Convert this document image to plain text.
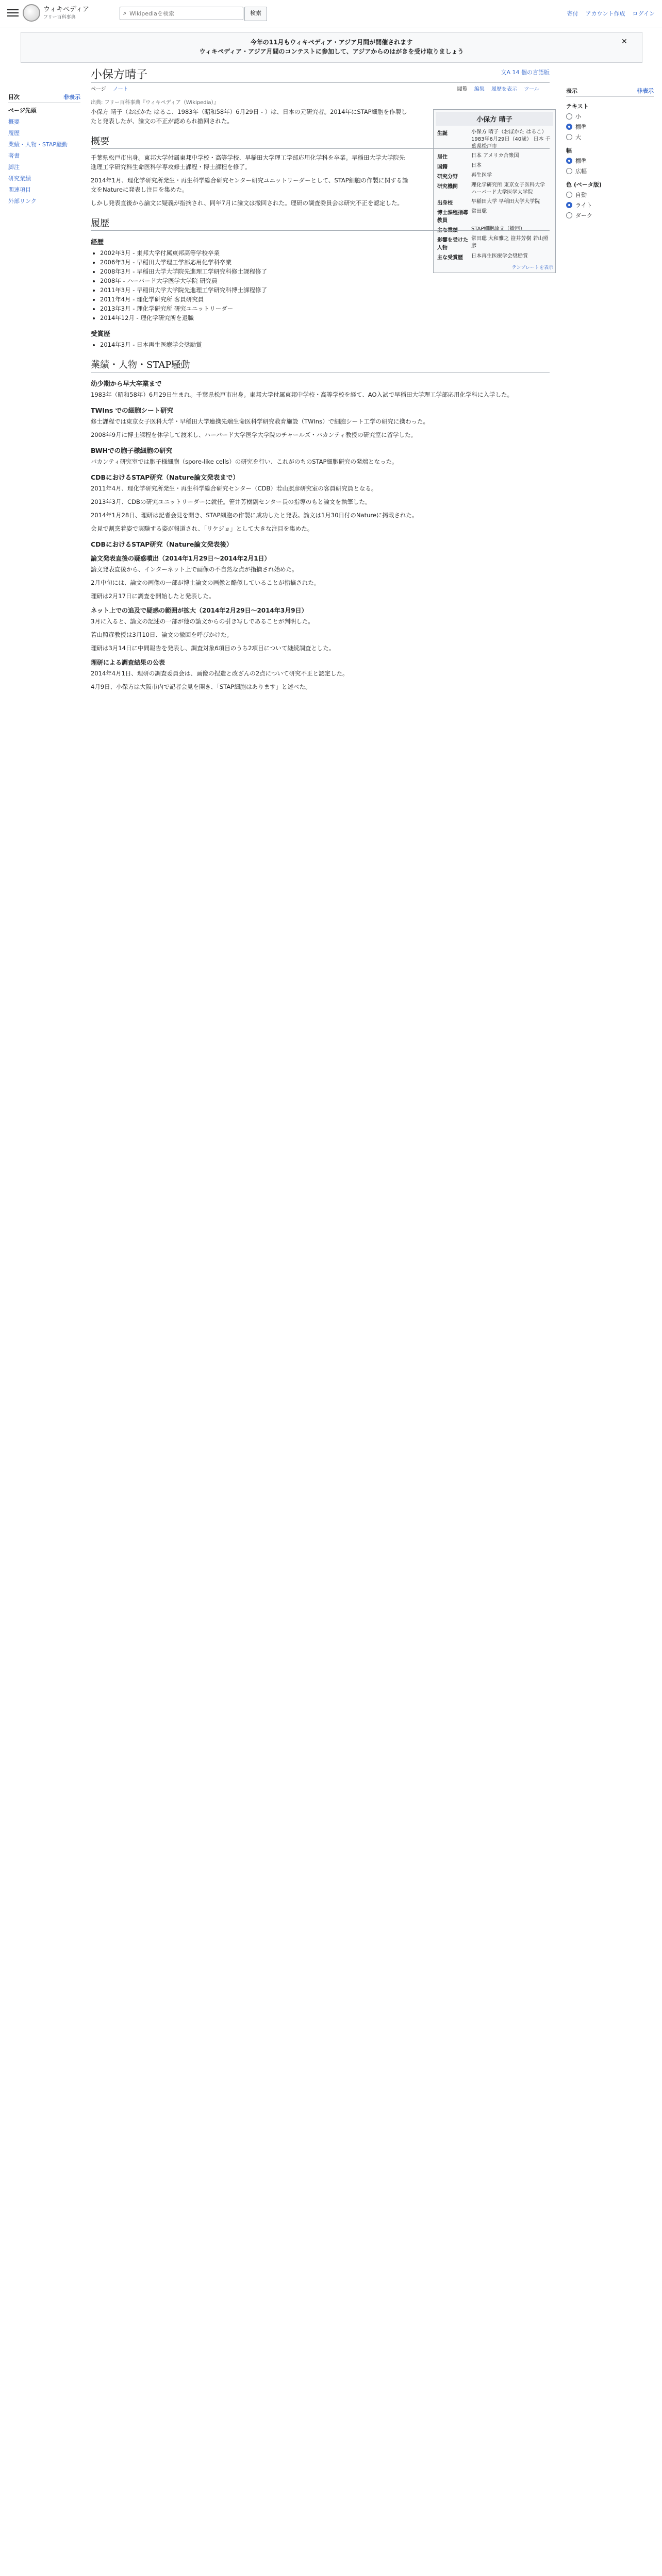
ウィキペディア
フリー百科事典
⌕
Wikipediaを検索	検索	寄付 アカウント作成 ログイン
今年の11月もウィキペディア・アジア月間が開催されます
ウィキペディア・アジア月間のコンテストに参加して、アジアからのはがきを受け取りましょう
✕
目次	非表示
ページ先頭
概要
履歴
業績・人物・STAP騒動
著書
脚注
研究業績
関連項目
外部リンク
小保方晴子	文A 14 個の言語版
ページ ノート	閲覧 編集 履歴を表示 ツール
出典: フリー百科事典『ウィキペディア（Wikipedia）』
表示	非表示
テキスト
小
標準
大
幅
標準
広幅
色 (ベータ版)
自動
ライト
ダーク
小保方 晴子
生誕	小保方 晴子（おぼかた はるこ） 1983年6月29日（40歳） 日本 千葉県松戸市
居住	日本 アメリカ合衆国
国籍	日本
研究分野	再生医学
研究機関	理化学研究所 東京女子医科大学 ハーバード大学医学大学院
出身校	早稲田大学 早稲田大学大学院
博士課程指導教員	常田聡
主な業績	STAP細胞論文（撤回）
影響を受けた人物	常田聡 大和雅之 笹井芳樹 若山照彦
主な受賞歴	日本再生医療学会奨励賞
テンプレートを表示

小保方 晴子（おぼかた はるこ、1983年（昭和58年）6月29日 - ）は、日本の元研究者。2014年にSTAP細胞を作製したと発表したが、論文の不正が認められ撤回された。

概要

千葉県松戸市出身。東邦大学付属東邦中学校・高等学校、早稲田大学理工学部応用化学科を卒業。早稲田大学大学院先進理工学研究科生命医科学専攻修士課程・博士課程を修了。

2014年1月、理化学研究所発生・再生科学総合研究センター研究ユニットリーダーとして、STAP細胞の作製に関する論文をNatureに発表し注目を集めた。

しかし発表直後から論文に疑義が指摘され、同年7月に論文は撤回された。理研の調査委員会は研究不正を認定した。

履歴
経歴
• 2002年3月 - 東邦大学付属東邦高等学校卒業
• 2006年3月 - 早稲田大学理工学部応用化学科卒業
• 2008年3月 - 早稲田大学大学院先進理工学研究科修士課程修了
• 2008年 - ハーバード大学医学大学院 研究員
• 2011年3月 - 早稲田大学大学院先進理工学研究科博士課程修了
• 2011年4月 - 理化学研究所 客員研究員
• 2013年3月 - 理化学研究所 研究ユニットリーダー
• 2014年12月 - 理化学研究所を退職
受賞歴
• 2014年3月 - 日本再生医療学会奨励賞
業績・人物・STAP騒動
幼少期から早大卒業まで

1983年（昭和58年）6月29日生まれ。千葉県松戸市出身。東邦大学付属東邦中学校・高等学校を経て、AO入試で早稲田大学理工学部応用化学科に入学した。

TWIns での細胞シート研究

修士課程では東京女子医科大学・早稲田大学連携先端生命医科学研究教育施設（TWIns）で細胞シート工学の研究に携わった。

2008年9月に博士課程を休学して渡米し、ハーバード大学医学大学院のチャールズ・バカンティ教授の研究室に留学した。

BWHでの胞子様細胞の研究

バカンティ研究室では胞子様細胞（spore-like cells）の研究を行い、これがのちのSTAP細胞研究の発端となった。

CDBにおけるSTAP研究（Nature論文発表まで）

2011年4月、理化学研究所発生・再生科学総合研究センター（CDB）若山照彦研究室の客員研究員となる。

2013年3月、CDBの研究ユニットリーダーに就任。笹井芳樹副センター長の指導のもと論文を執筆した。

2014年1月28日、理研は記者会見を開き、STAP細胞の作製に成功したと発表。論文は1月30日付のNatureに掲載された。

会見で割烹着姿で実験する姿が報道され、「リケジョ」として大きな注目を集めた。

CDBにおけるSTAP研究（Nature論文発表後）
論文発表直後の疑惑噴出（2014年1月29日〜2014年2月1日）

論文発表直後から、インターネット上で画像の不自然な点が指摘され始めた。

2月中旬には、論文の画像の一部が博士論文の画像と酷似していることが指摘された。

理研は2月17日に調査を開始したと発表した。

ネット上での追及で疑惑の範囲が拡大（2014年2月29日〜2014年3月9日）

3月に入ると、論文の記述の一部が他の論文からの引き写しであることが判明した。

若山照彦教授は3月10日、論文の撤回を呼びかけた。

理研は3月14日に中間報告を発表し、調査対象6項目のうち2項目について継続調査とした。

理研による調査結果の公表

2014年4月1日、理研の調査委員会は、画像の捏造と改ざんの2点について研究不正と認定した。

4月9日、小保方は大阪市内で記者会見を開き、「STAP細胞はあります」と述べた。
